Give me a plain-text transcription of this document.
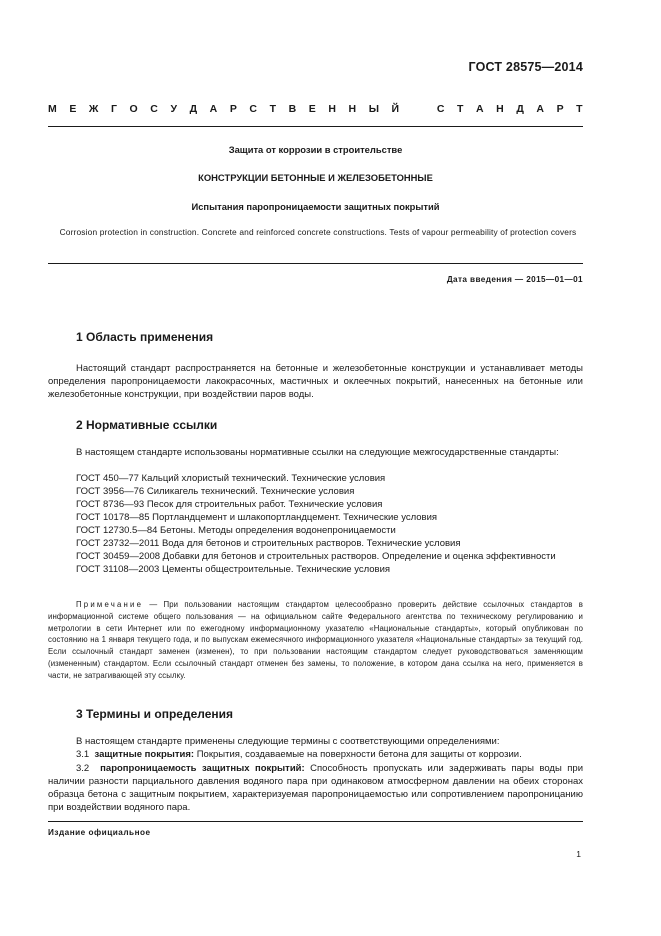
ГОСТ 28575—2014
М Е Ж Г О С У Д А Р С Т В Е Н Н Ы Й	С Т А Н Д А Р Т
Защита от коррозии в строительстве
КОНСТРУКЦИИ БЕТОННЫЕ И ЖЕЛЕЗОБЕТОННЫЕ
Испытания паропроницаемости защитных покрытий
Corrosion protection in construction. Concrete and reinforced concrete constructions. Tests of vapour permeability of protection covers
Дата введения — 2015—01—01
1 Область применения
Настоящий стандарт распространяется на бетонные и железобетонные конструкции и устанавливает методы определения паропроницаемости лакокрасочных, мастичных и оклеечных покрытий, нанесенных на бетонные или железобетонные конструкции, при воздействии паров воды.
2 Нормативные ссылки
В настоящем стандарте использованы нормативные ссылки на следующие межгосударственные стандарты:
ГОСТ 450—77 Кальций хлористый технический. Технические условия
ГОСТ 3956—76 Силикагель технический. Технические условия
ГОСТ 8736—93 Песок для строительных работ. Технические условия
ГОСТ 10178—85 Портландцемент и шлакопортландцемент. Технические условия
ГОСТ 12730.5—84 Бетоны. Методы определения водонепроницаемости
ГОСТ 23732—2011 Вода для бетонов и строительных растворов. Технические условия
ГОСТ 30459—2008 Добавки для бетонов и строительных растворов. Определение и оценка эффективности
ГОСТ 31108—2003 Цементы общестроительные. Технические условия
Примечание — При пользовании настоящим стандартом целесообразно проверить действие ссылочных стандартов в информационной системе общего пользования — на официальном сайте Федерального агентства по техническому регулированию и метрологии в сети Интернет или по ежегодному информационному указателю «Национальные стандарты», который опубликован по состоянию на 1 января текущего года, и по выпускам ежемесячного информационного указателя «Национальные стандарты» за текущий год. Если ссылочный стандарт заменен (изменен), то при пользовании настоящим стандартом следует руководствоваться заменяющим (измененным) стандартом. Если ссылочный стандарт отменен без замены, то положение, в котором дана ссылка на него, применяется в части, не затрагивающей эту ссылку.
3 Термины и определения
В настоящем стандарте применены следующие термины с соответствующими определениями:
3.1 защитные покрытия: Покрытия, создаваемые на поверхности бетона для защиты от коррозии.
3.2 паропроницаемость защитных покрытий: Способность пропускать или задерживать пары воды при наличии разности парциального давления водяного пара при одинаковом атмосферном давлении на обеих сторонах образца бетона с защитным покрытием, характеризуемая паропроницаемостью или сопротивлением паропроницанию при воздействии водяного пара.
Издание официальное
1
